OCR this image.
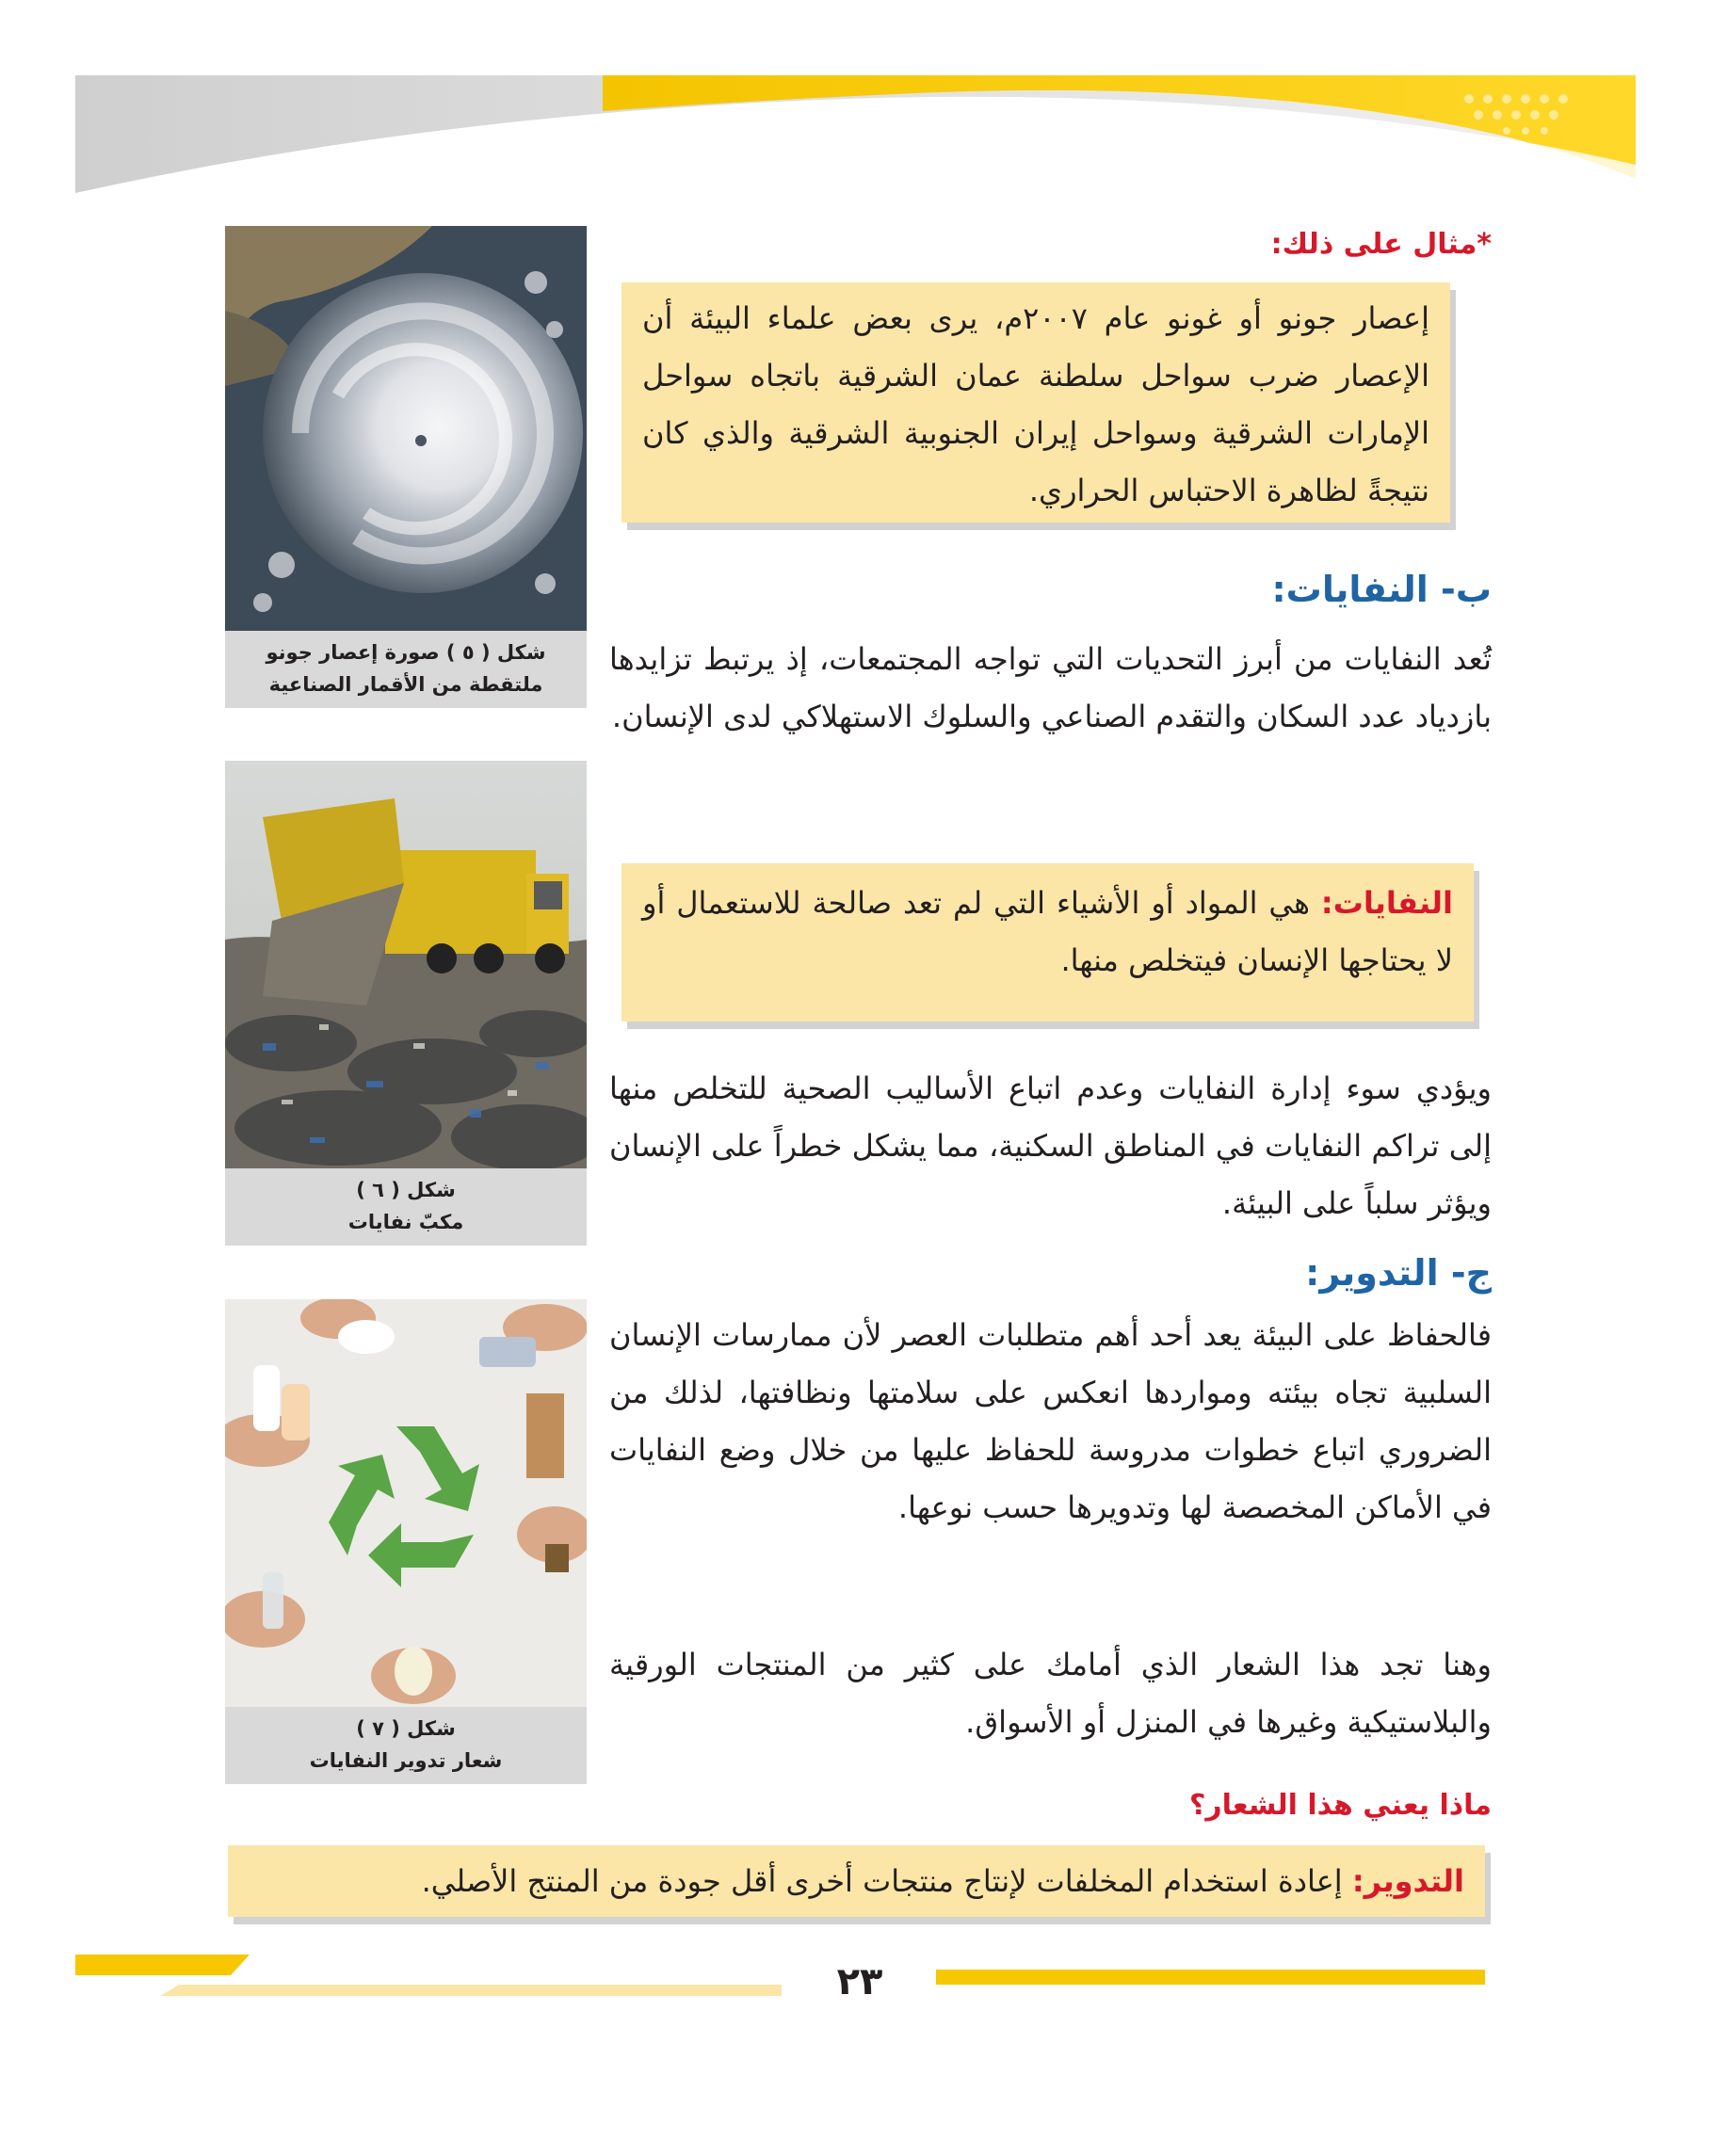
شكل ( ٥ ) صورة إعصار جونو
ملتقطة من الأقمار الصناعية
شكل ( ٦ )
مكبّ نفايات
شكل ( ٧ )
شعار تدوير النفايات
*مثال على ذلك:
إعصار جونو أو غونو عام ٢٠٠٧م، يرى بعض علماء البيئة أن الإعصار ضرب سواحل سلطنة عمان الشرقية باتجاه سواحل الإمارات الشرقية وسواحل إيران الجنوبية الشرقية والذي كان نتيجةً لظاهرة الاحتباس الحراري.
ب- النفايات:
تُعد النفايات من أبرز التحديات التي تواجه المجتمعات، إذ يرتبط تزايدها بازدياد عدد السكان والتقدم الصناعي والسلوك الاستهلاكي لدى الإنسان.
النفايات: هي المواد أو الأشياء التي لم تعد صالحة للاستعمال أو لا يحتاجها الإنسان فيتخلص منها.
ويؤدي سوء إدارة النفايات وعدم اتباع الأساليب الصحية للتخلص منها إلى تراكم النفايات في المناطق السكنية، مما يشكل خطراً على الإنسان ويؤثر سلباً على البيئة.
ج- التدوير:
فالحفاظ على البيئة يعد أحد أهم متطلبات العصر لأن ممارسات الإنسان السلبية تجاه بيئته ومواردها انعكس على سلامتها ونظافتها، لذلك من الضروري اتباع خطوات مدروسة للحفاظ عليها من خلال وضع النفايات في الأماكن المخصصة لها وتدويرها حسب نوعها.
وهنا تجد هذا الشعار الذي أمامك على كثير من المنتجات الورقية والبلاستيكية وغيرها في المنزل أو الأسواق.
ماذا يعني هذا الشعار؟
التدوير: إعادة استخدام المخلفات لإنتاج منتجات أخرى أقل جودة من المنتج الأصلي.
٢٣
